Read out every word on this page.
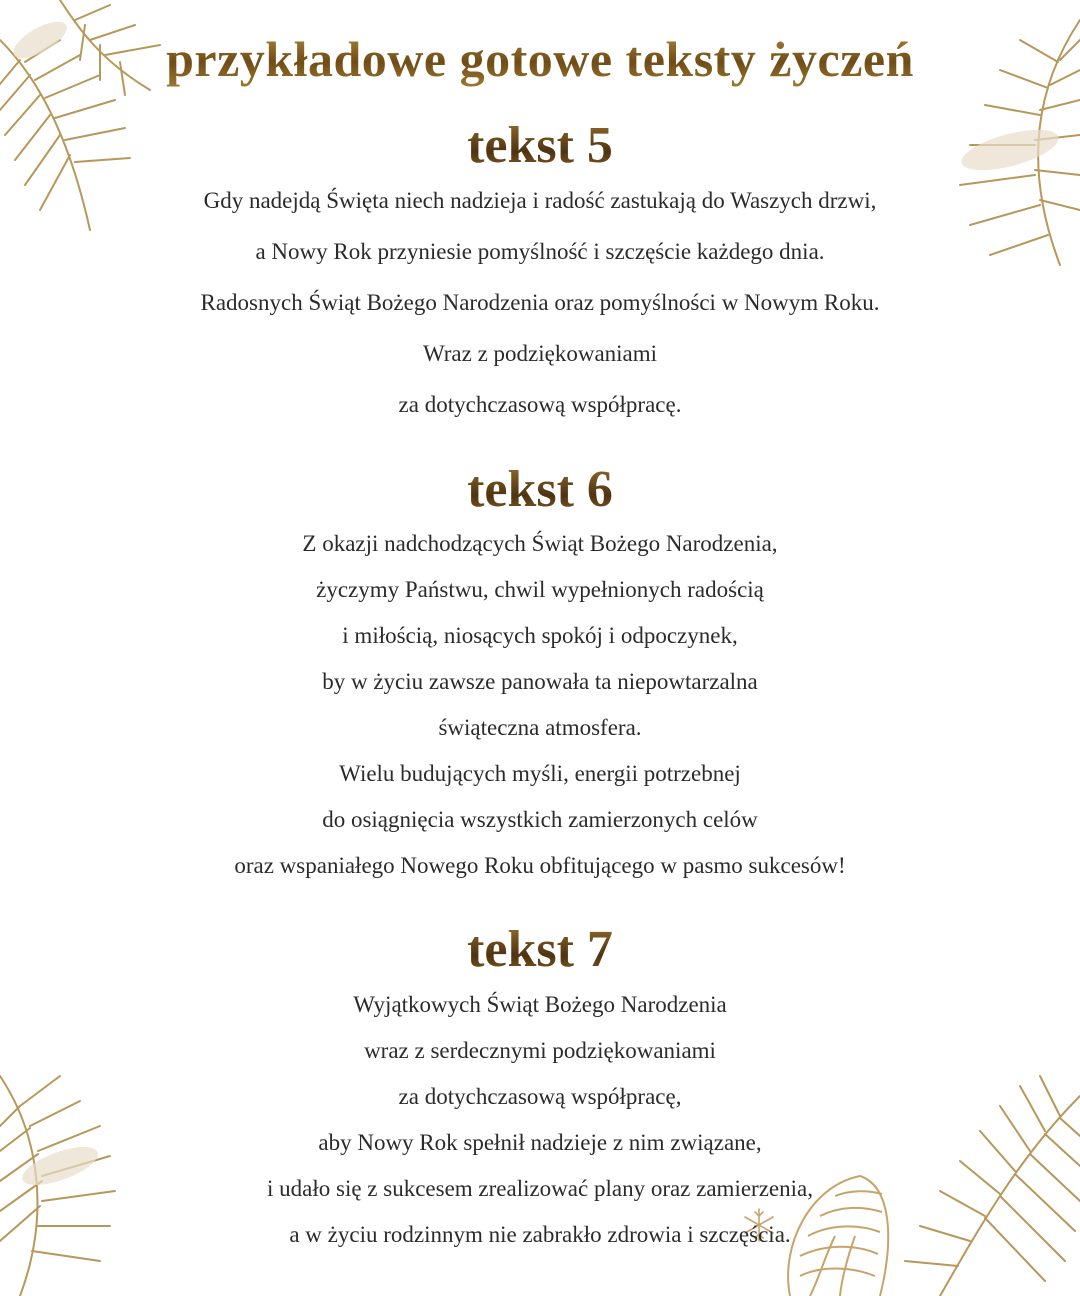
przykładowe gotowe teksty życzeń
tekst 5
Gdy nadejdą Święta niech nadzieja i radość zastukają do Waszych drzwi,
a Nowy Rok przyniesie pomyślność i szczęście każdego dnia.
Radosnych Świąt Bożego Narodzenia oraz pomyślności w Nowym Roku.
Wraz z podziękowaniami
za dotychczasową współpracę.
tekst 6
Z okazji nadchodzących Świąt Bożego Narodzenia,
życzymy Państwu, chwil wypełnionych radością
i miłością, niosących spokój i odpoczynek,
by w życiu zawsze panowała ta niepowtarzalna
świąteczna atmosfera.
Wielu budujących myśli, energii potrzebnej
do osiągnięcia wszystkich zamierzonych celów
oraz wspaniałego Nowego Roku obfitującego w pasmo sukcesów!
tekst 7
Wyjątkowych Świąt Bożego Narodzenia
wraz z serdecznymi podziękowaniami
za dotychczasową współpracę,
aby Nowy Rok spełnił nadzieje z nim związane,
i udało się z sukcesem zrealizować plany oraz zamierzenia,
a w życiu rodzinnym nie zabrakło zdrowia i szczęścia.
